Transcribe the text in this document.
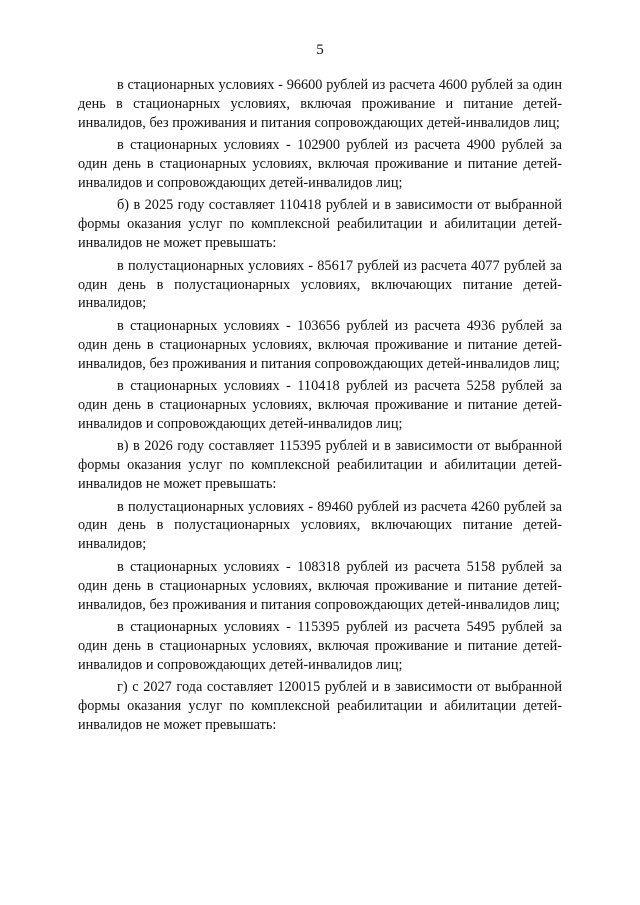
5

в стационарных условиях - 96600 рублей из расчета 4600 рублей за один день в стационарных условиях, включая проживание и питание детей-инвалидов, без проживания и питания сопровождающих детей-инвалидов лиц;

в стационарных условиях - 102900 рублей из расчета 4900 рублей за один день в стационарных условиях, включая проживание и питание детей-инвалидов и сопровождающих детей-инвалидов лиц;

б) в 2025 году составляет 110418 рублей и в зависимости от выбранной формы оказания услуг по комплексной реабилитации и абилитации детей-инвалидов не может превышать:

в полустационарных условиях - 85617 рублей из расчета 4077 рублей за один день в полустационарных условиях, включающих питание детей-инвалидов;

в стационарных условиях - 103656 рублей из расчета 4936 рублей за один день в стационарных условиях, включая проживание и питание детей-инвалидов, без проживания и питания сопровождающих детей-инвалидов лиц;

в стационарных условиях - 110418 рублей из расчета 5258 рублей за один день в стационарных условиях, включая проживание и питание детей-инвалидов и сопровождающих детей-инвалидов лиц;

в) в 2026 году составляет 115395 рублей и в зависимости от выбранной формы оказания услуг по комплексной реабилитации и абилитации детей-инвалидов не может превышать:

в полустационарных условиях - 89460 рублей из расчета 4260 рублей за один день в полустационарных условиях, включающих питание детей-инвалидов;

в стационарных условиях - 108318 рублей из расчета 5158 рублей за один день в стационарных условиях, включая проживание и питание детей-инвалидов, без проживания и питания сопровождающих детей-инвалидов лиц;

в стационарных условиях - 115395 рублей из расчета 5495 рублей за один день в стационарных условиях, включая проживание и питание детей-инвалидов и сопровождающих детей-инвалидов лиц;

г) с 2027 года составляет 120015 рублей и в зависимости от выбранной формы оказания услуг по комплексной реабилитации и абилитации детей-инвалидов не может превышать:
